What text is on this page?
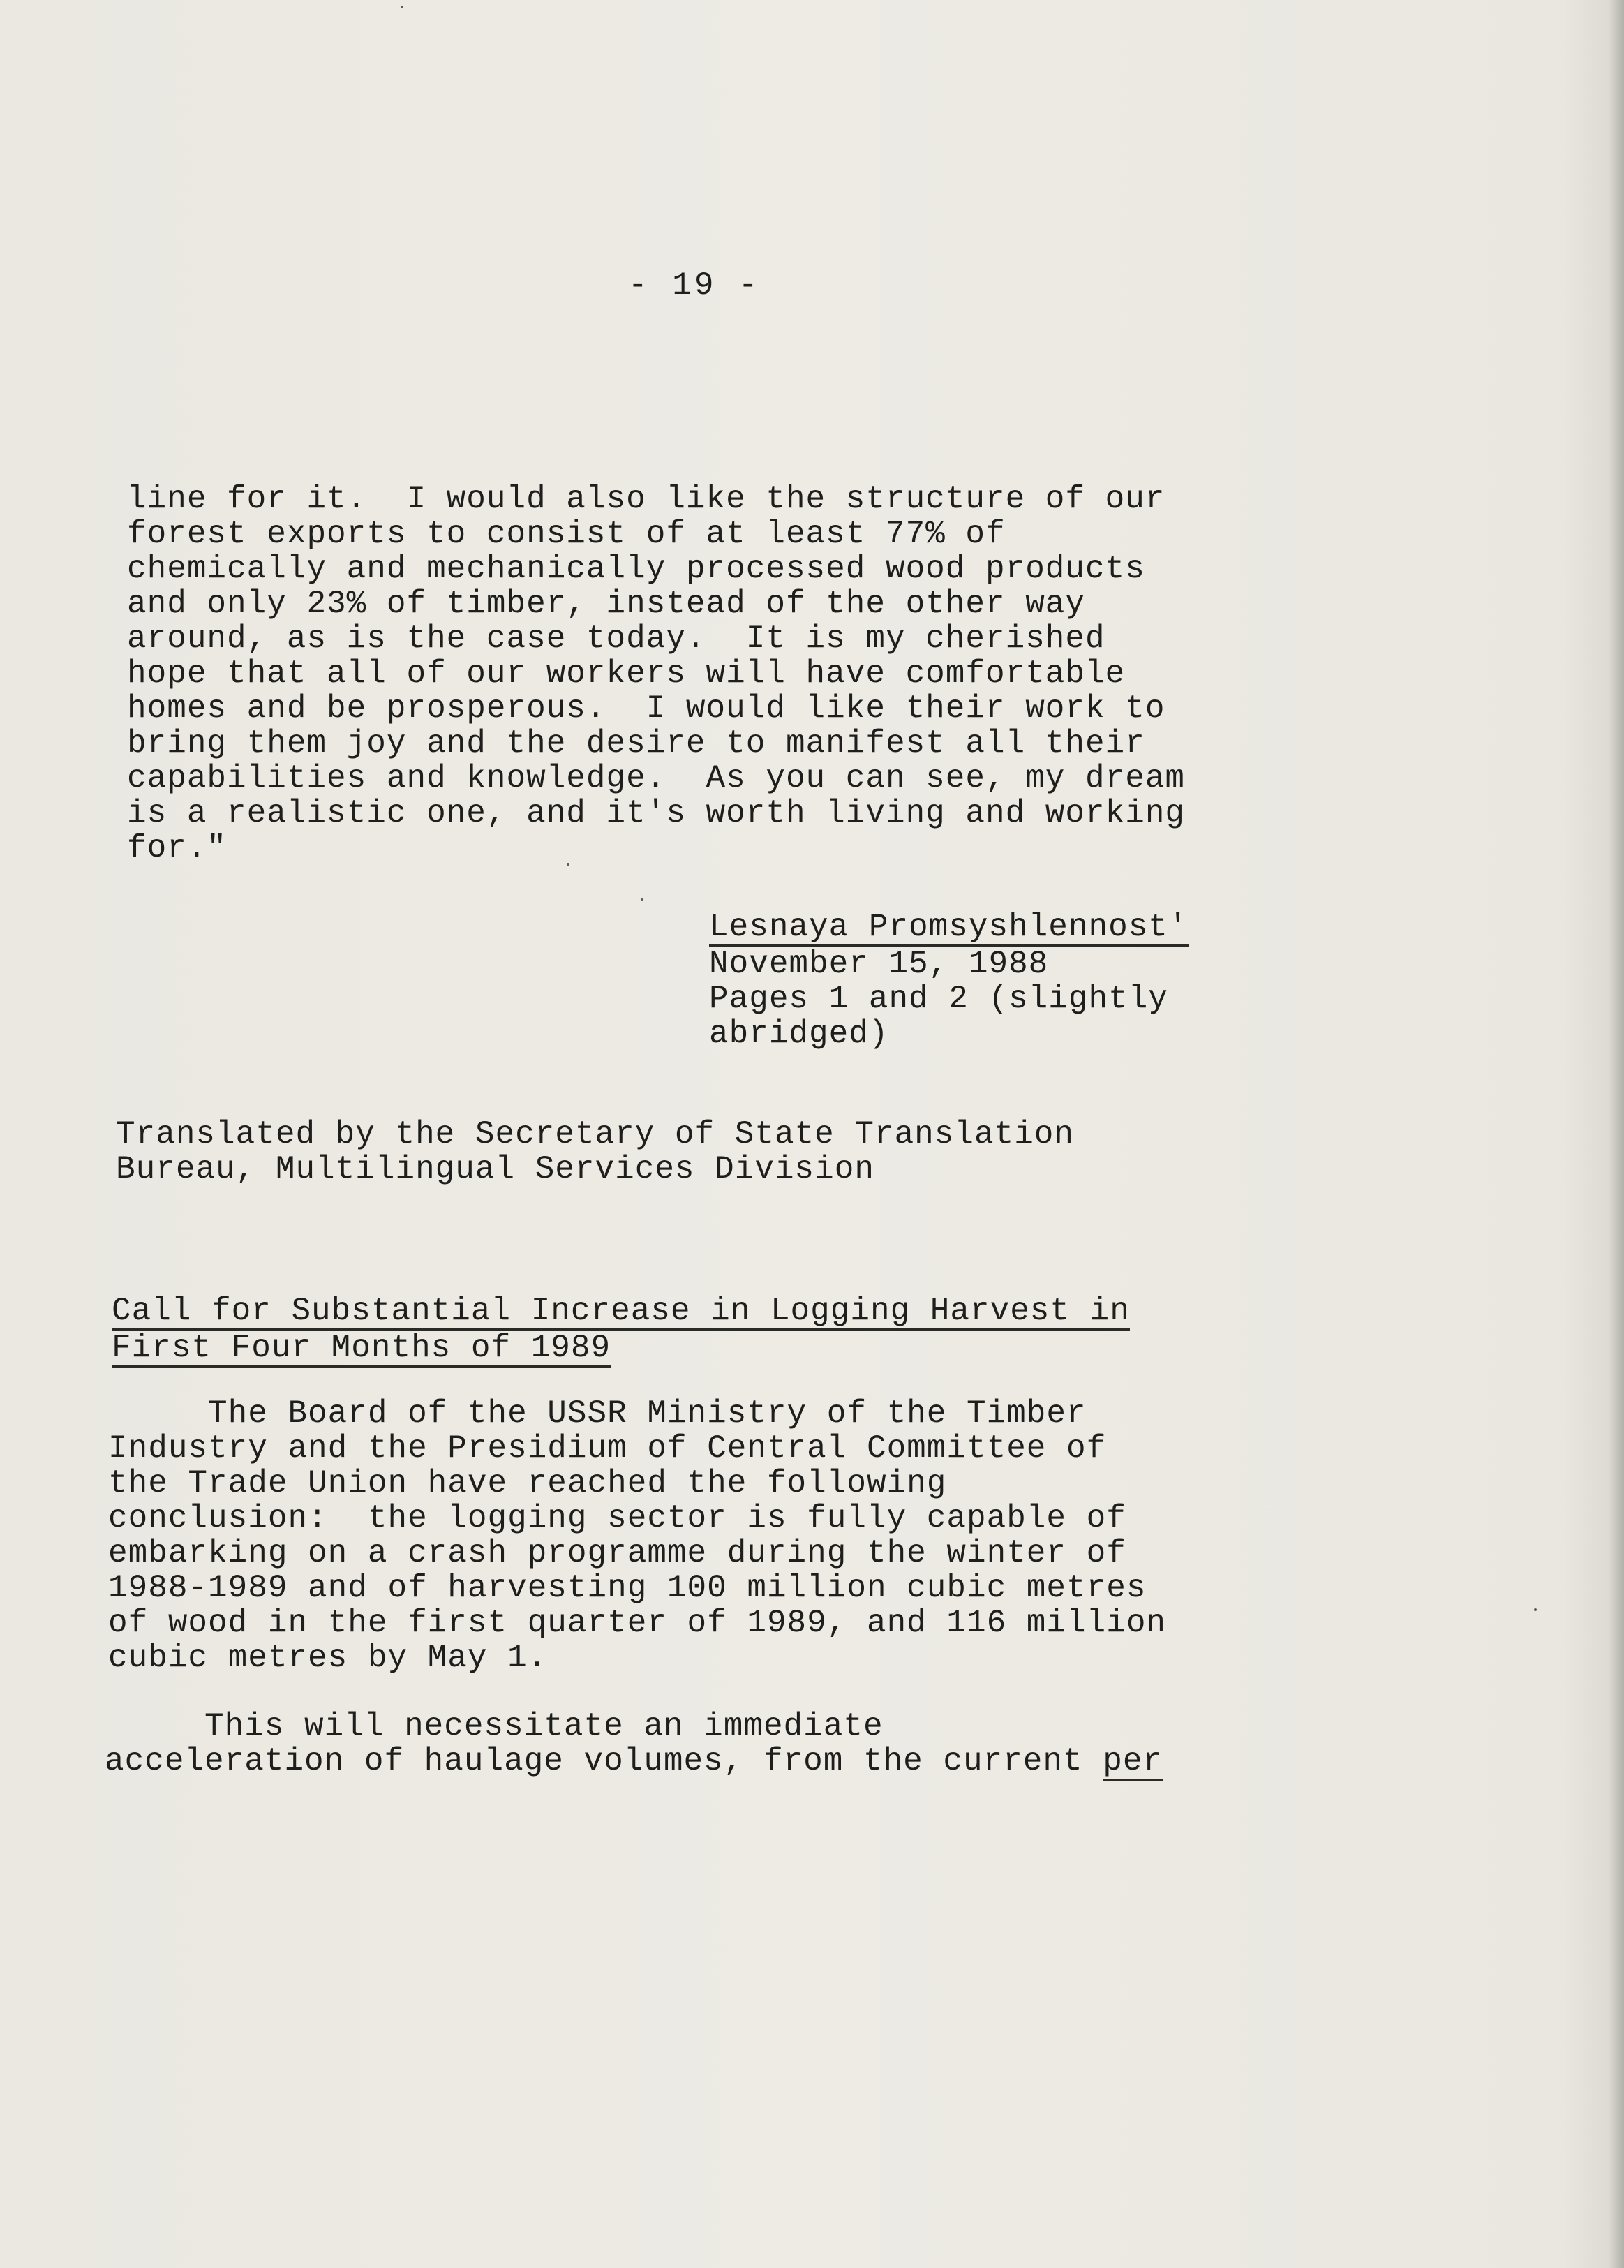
- 19 -
line for it.  I would also like the structure of our
forest exports to consist of at least 77% of
chemically and mechanically processed wood products
and only 23% of timber, instead of the other way
around, as is the case today.  It is my cherished
hope that all of our workers will have comfortable
homes and be prosperous.  I would like their work to
bring them joy and the desire to manifest all their
capabilities and knowledge.  As you can see, my dream
is a realistic one, and it's worth living and working
for."
Lesnaya Promsyshlennost'
November 15, 1988
Pages 1 and 2 (slightly
abridged)
Translated by the Secretary of State Translation
Bureau, Multilingual Services Division
Call for Substantial Increase in Logging Harvest in
First Four Months of 1989
The Board of the USSR Ministry of the Timber
Industry and the Presidium of Central Committee of
the Trade Union have reached the following
conclusion:  the logging sector is fully capable of
embarking on a crash programme during the winter of
1988-1989 and of harvesting 100 million cubic metres
of wood in the first quarter of 1989, and 116 million
cubic metres by May 1.
This will necessitate an immediate
acceleration of haulage volumes, from the current per
